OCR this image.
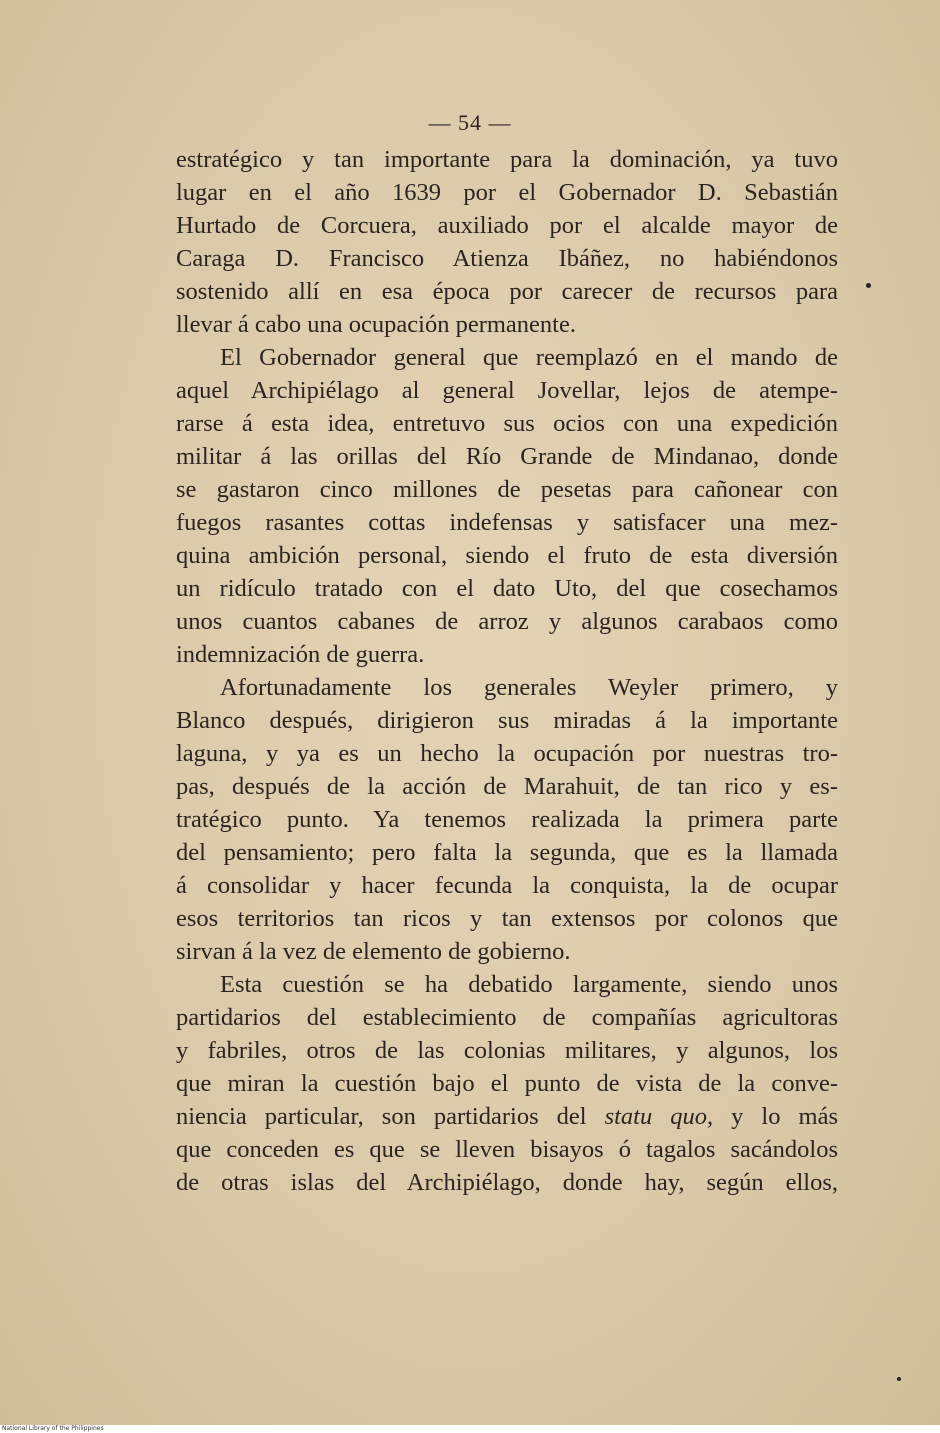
— 54 —
estratégico y tan importante para la dominación, ya tuvo
lugar en el año 1639 por el Gobernador D. Sebastián
Hurtado de Corcuera, auxiliado por el alcalde mayor de
Caraga D. Francisco Atienza Ibáñez, no habiéndonos
sostenido allí en esa época por carecer de recursos para
llevar á cabo una ocupación permanente.
El Gobernador general que reemplazó en el mando de
aquel Archipiélago al general Jovellar, lejos de atempe-
rarse á esta idea, entretuvo sus ocios con una expedición
militar á las orillas del Río Grande de Mindanao, donde
se gastaron cinco millones de pesetas para cañonear con
fuegos rasantes cottas indefensas y satisfacer una mez-
quina ambición personal, siendo el fruto de esta diversión
un ridículo tratado con el dato Uto, del que cosechamos
unos cuantos cabanes de arroz y algunos carabaos como
indemnización de guerra.
Afortunadamente los generales Weyler primero, y
Blanco después, dirigieron sus miradas á la importante
laguna, y ya es un hecho la ocupación por nuestras tro-
pas, después de la acción de Marahuit, de tan rico y es-
tratégico punto. Ya tenemos realizada la primera parte
del pensamiento; pero falta la segunda, que es la llamada
á consolidar y hacer fecunda la conquista, la de ocupar
esos territorios tan ricos y tan extensos por colonos que
sirvan á la vez de elemento de gobierno.
Esta cuestión se ha debatido largamente, siendo unos
partidarios del establecimiento de compañías agricultoras
y fabriles, otros de las colonias militares, y algunos, los
que miran la cuestión bajo el punto de vista de la conve-
niencia particular, son partidarios del statu quo, y lo más
que conceden es que se lleven bisayos ó tagalos sacándolos
de otras islas del Archipiélago, donde hay, según ellos,
National Library of the Philippines
